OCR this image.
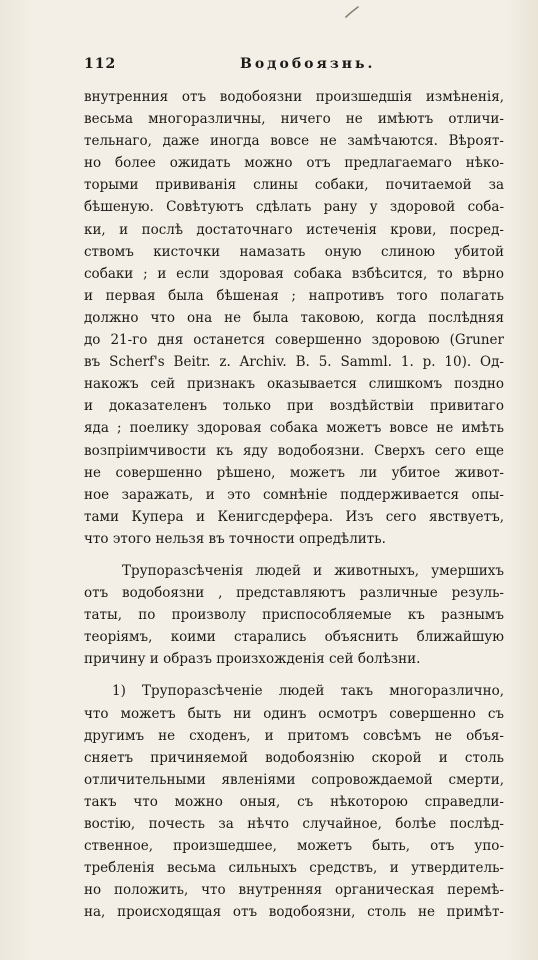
112	Водобоязнь.
внутренния отъ водобоязни произшедшія измѣненія,
весьма многоразличны, ничего не имѣютъ отличи-
тельнаго, даже иногда вовсе не замѣчаются. Вѣроят-
но более ожидать можно отъ предлагаемаго нѣко-
торыми прививанія слины собаки, почитаемой за
бѣшеную. Совѣтуютъ сдѣлать рану у здоровой соба-
ки, и послѣ достаточнаго истеченія крови, посред-
ствомъ кисточки намазать оную слиною убитой
собаки ; и если здоровая собака взбѣсится, то вѣрно
и первая была бѣшеная ; напротивъ того полагать
должно что она не была таковою, когда послѣдняя
до 21-го дня останется совершенно здоровою (Gruner
въ Scherf's Beitr. z. Archiv. B. 5. Samml. 1. p. 10). Од-
накожъ сей признакъ оказывается слишкомъ поздно
и доказателенъ только при воздѣйствіи привитаго
яда ; поелику здоровая собака можетъ вовсе не имѣть
возпріимчивости къ яду водобоязни. Сверхъ сего еще
не совершенно рѣшено, можетъ ли убитое живот-
ное заражать, и это сомнѣніе поддерживается опы-
тами Купера и Кенигсдерфера. Изъ сего явствуетъ,
что этого нельзя въ точности опредѣлить.
Трупоразсѣченія людей и животныхъ, умершихъ
отъ водобоязни , представляютъ различные резуль-
таты, по произволу приспособляемые къ разнымъ
теоріямъ, коими старались объяснить ближайшую
причину и образъ произхожденія сей болѣзни.
1) Трупоразсѣченіе людей такъ многоразлично,
что можетъ быть ни одинъ осмотръ совершенно съ
другимъ не сходенъ, и притомъ совсѣмъ не объя-
сняетъ причиняемой водобоязнію скорой и столь
отличительными явленіями сопровождаемой смерти,
такъ что можно оныя, съ нѣкоторою справедли-
востію, почесть за нѣчто случайное, болѣе послѣд-
ственное, произшедшее, можетъ быть, отъ упо-
требленія весьма сильныхъ средствъ, и утвердитель-
но положить, что внутренняя органическая перемѣ-
на, происходящая отъ водобоязни, столь не примѣт-
